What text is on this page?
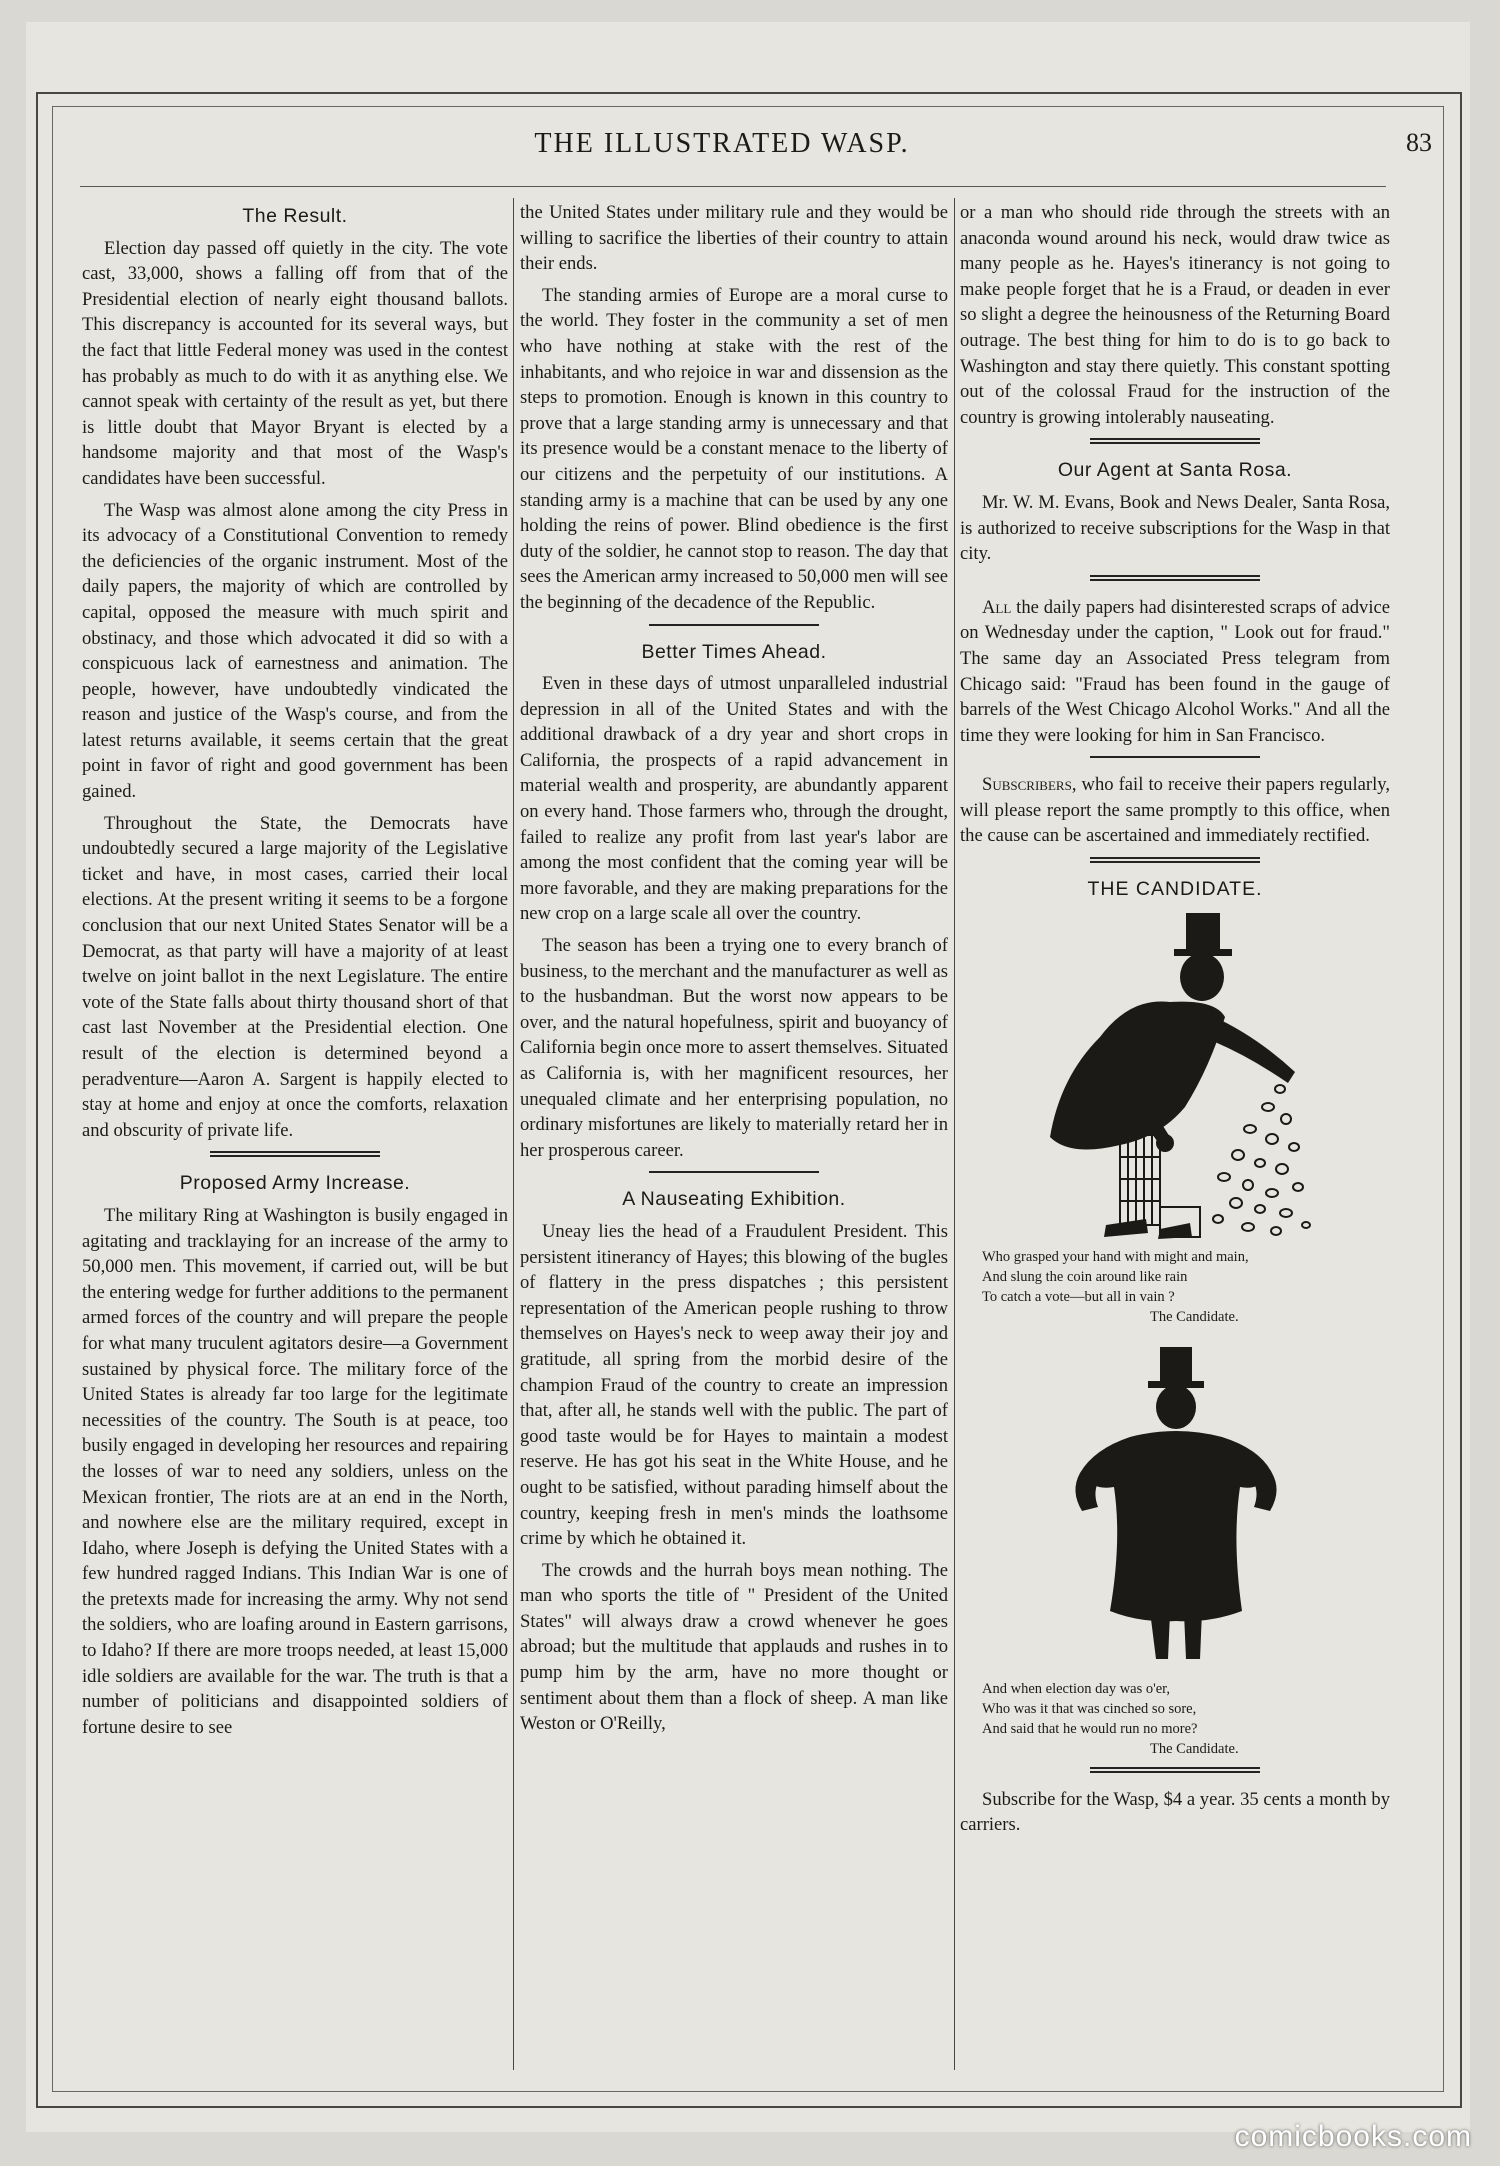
THE ILLUSTRATED WASP.	83
The Result.

Election day passed off quietly in the city. The vote cast, 33,000, shows a falling off from that of the Presidential election of nearly eight thousand ballots. This discrepancy is accounted for its several ways, but the fact that little Federal money was used in the contest has probably as much to do with it as anything else. We cannot speak with certainty of the result as yet, but there is little doubt that Mayor Bryant is elected by a handsome majority and that most of the Wasp's candidates have been successful.

The Wasp was almost alone among the city Press in its advocacy of a Constitutional Convention to remedy the deficiencies of the organic instrument. Most of the daily papers, the majority of which are controlled by capital, opposed the measure with much spirit and obstinacy, and those which advocated it did so with a conspicuous lack of earnestness and animation. The people, however, have undoubtedly vindicated the reason and justice of the Wasp's course, and from the latest returns available, it seems certain that the great point in favor of right and good government has been gained.

Throughout the State, the Democrats have undoubtedly secured a large majority of the Legislative ticket and have, in most cases, carried their local elections. At the present writing it seems to be a forgone conclusion that our next United States Senator will be a Democrat, as that party will have a majority of at least twelve on joint ballot in the next Legislature. The entire vote of the State falls about thirty thousand short of that cast last November at the Presidential election. One result of the election is determined beyond a peradventure—Aaron A. Sargent is happily elected to stay at home and enjoy at once the comforts, relaxation and obscurity of private life.

Proposed Army Increase.

The military Ring at Washington is busily engaged in agitating and tracklaying for an increase of the army to 50,000 men. This movement, if carried out, will be but the entering wedge for further additions to the permanent armed forces of the country and will prepare the people for what many truculent agitators desire—a Government sustained by physical force. The military force of the United States is already far too large for the legitimate necessities of the country. The South is at peace, too busily engaged in developing her resources and repairing the losses of war to need any soldiers, unless on the Mexican frontier, The riots are at an end in the North, and nowhere else are the military required, except in Idaho, where Joseph is defying the United States with a few hundred ragged Indians. This Indian War is one of the pretexts made for increasing the army. Why not send the soldiers, who are loafing around in Eastern garrisons, to Idaho? If there are more troops needed, at least 15,000 idle soldiers are available for the war. The truth is that a number of politicians and disappointed soldiers of fortune desire to see

the United States under military rule and they would be willing to sacrifice the liberties of their country to attain their ends.

The standing armies of Europe are a moral curse to the world. They foster in the community a set of men who have nothing at stake with the rest of the inhabitants, and who rejoice in war and dissension as the steps to promotion. Enough is known in this country to prove that a large standing army is unnecessary and that its presence would be a constant menace to the liberty of our citizens and the perpetuity of our institutions. A standing army is a machine that can be used by any one holding the reins of power. Blind obedience is the first duty of the soldier, he cannot stop to reason. The day that sees the American army increased to 50,000 men will see the beginning of the decadence of the Republic.

Better Times Ahead.

Even in these days of utmost unparalleled industrial depression in all of the United States and with the additional drawback of a dry year and short crops in California, the prospects of a rapid advancement in material wealth and prosperity, are abundantly apparent on every hand. Those farmers who, through the drought, failed to realize any profit from last year's labor are among the most confident that the coming year will be more favorable, and they are making preparations for the new crop on a large scale all over the country.

The season has been a trying one to every branch of business, to the merchant and the manufacturer as well as to the husbandman. But the worst now appears to be over, and the natural hopefulness, spirit and buoyancy of California begin once more to assert themselves. Situated as California is, with her magnificent resources, her unequaled climate and her enterprising population, no ordinary misfortunes are likely to materially retard her in her prosperous career.

A Nauseating Exhibition.

Uneay lies the head of a Fraudulent President. This persistent itinerancy of Hayes; this blowing of the bugles of flattery in the press dispatches ; this persistent representation of the American people rushing to throw themselves on Hayes's neck to weep away their joy and gratitude, all spring from the morbid desire of the champion Fraud of the country to create an impression that, after all, he stands well with the public. The part of good taste would be for Hayes to maintain a modest reserve. He has got his seat in the White House, and he ought to be satisfied, without parading himself about the country, keeping fresh in men's minds the loathsome crime by which he obtained it.

The crowds and the hurrah boys mean nothing. The man who sports the title of " President of the United States" will always draw a crowd whenever he goes abroad; but the multitude that applauds and rushes in to pump him by the arm, have no more thought or sentiment about them than a flock of sheep. A man like Weston or O'Reilly,

or a man who should ride through the streets with an anaconda wound around his neck, would draw twice as many people as he. Hayes's itinerancy is not going to make people forget that he is a Fraud, or deaden in ever so slight a degree the heinousness of the Returning Board outrage. The best thing for him to do is to go back to Washington and stay there quietly. This constant spotting out of the colossal Fraud for the instruction of the country is growing intolerably nauseating.

Our Agent at Santa Rosa.

Mr. W. M. Evans, Book and News Dealer, Santa Rosa, is authorized to receive subscriptions for the Wasp in that city.

All the daily papers had disinterested scraps of advice on Wednesday under the caption, " Look out for fraud." The same day an Associated Press telegram from Chicago said: "Fraud has been found in the gauge of barrels of the West Chicago Alcohol Works." And all the time they were looking for him in San Francisco.

Subscribers, who fail to receive their papers regularly, will please report the same promptly to this office, when the cause can be ascertained and immediately rectified.

THE CANDIDATE.
Who grasped your hand with might and main,
And slung the coin around like rain
To catch a vote—but all in vain ?
The Candidate.
And when election day was o'er,
Who was it that was cinched so sore,
And said that he would run no more?
The Candidate.

Subscribe for the Wasp, $4 a year. 35 cents a month by carriers.

comicbooks.com
